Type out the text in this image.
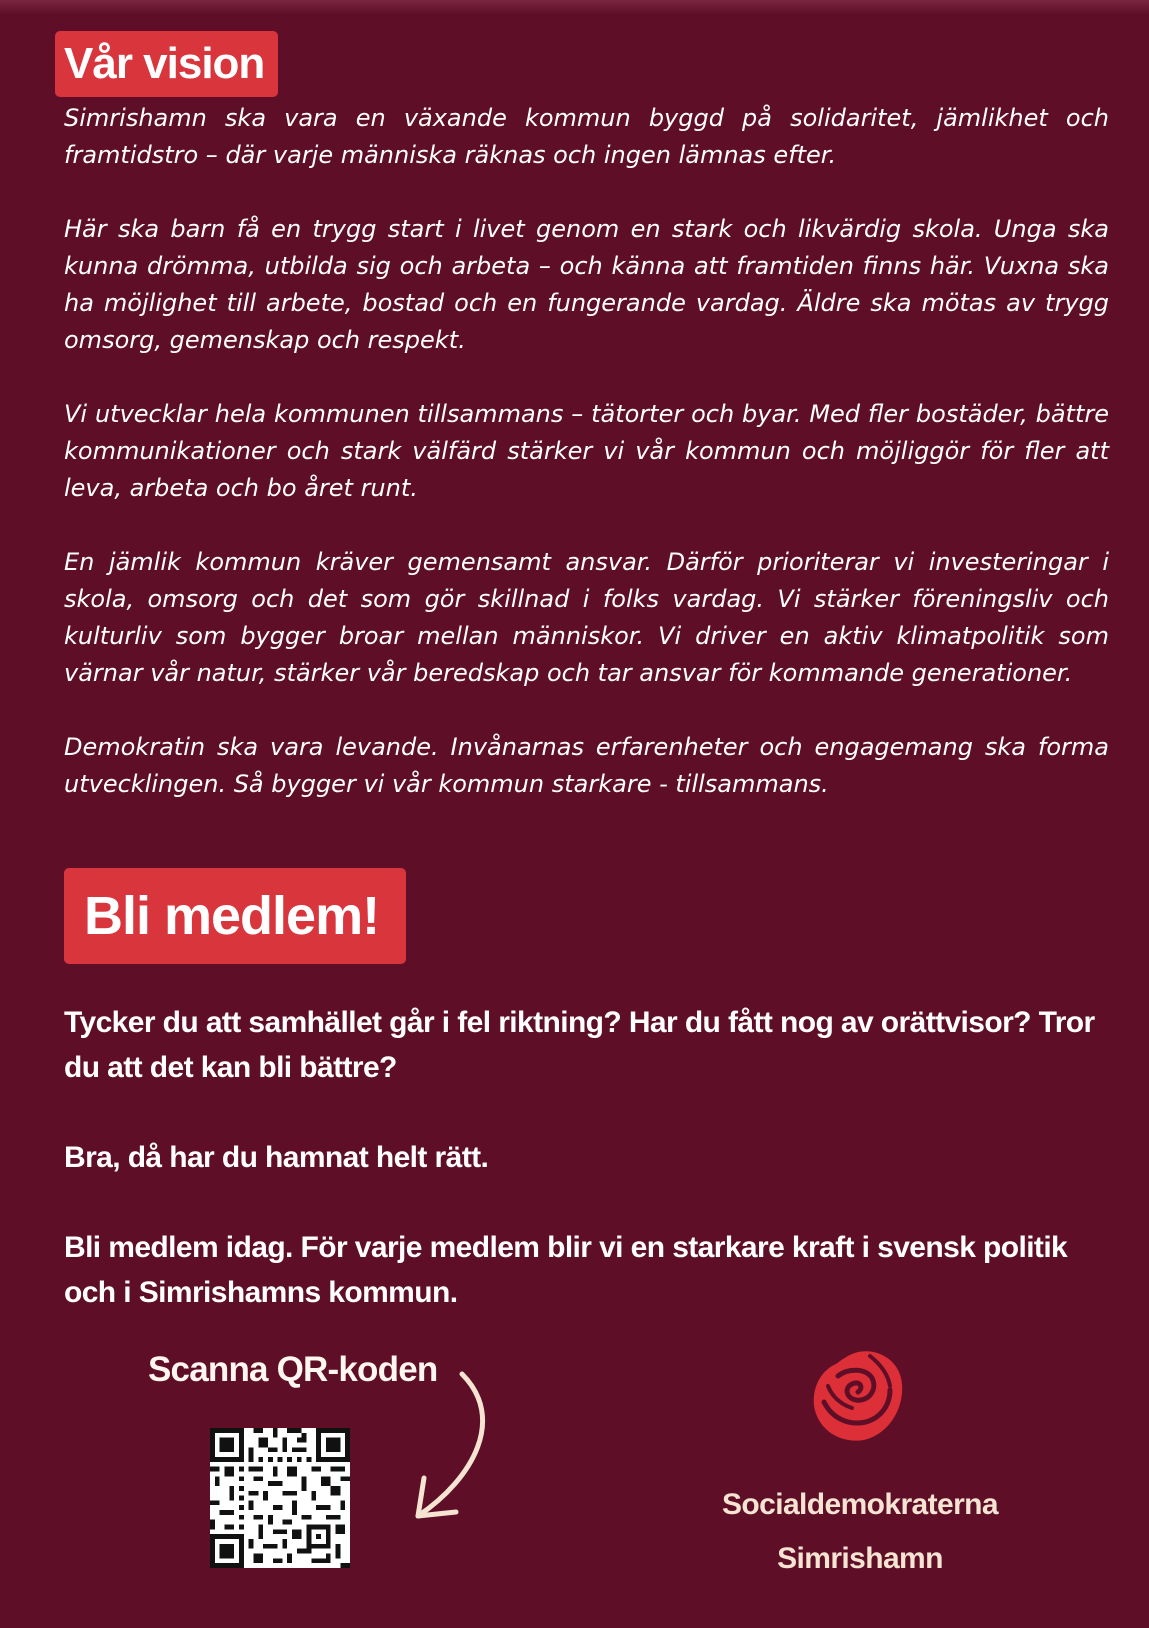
Vår vision

Simrishamn ska vara en växande kommun byggd på solidaritet, jämlikhet och framtidstro – där varje människa räknas och ingen lämnas efter.

Här ska barn få en trygg start i livet genom en stark och likvärdig skola. Unga ska kunna drömma, utbilda sig och arbeta – och känna att framtiden finns här. Vuxna ska ha möjlighet till arbete, bostad och en fungerande vardag. Äldre ska mötas av trygg omsorg, gemenskap och respekt.

Vi utvecklar hela kommunen tillsammans – tätorter och byar. Med fler bostäder, bättre kommunikationer och stark välfärd stärker vi vår kommun och möjliggör för fler att leva, arbeta och bo året runt.

En jämlik kommun kräver gemensamt ansvar. Därför prioriterar vi investeringar i skola, omsorg och det som gör skillnad i folks vardag. Vi stärker föreningsliv och kulturliv som bygger broar mellan människor. Vi driver en aktiv klimatpolitik som värnar vår natur, stärker vår beredskap och tar ansvar för kommande generationer.

Demokratin ska vara levande. Invånarnas erfarenheter och engagemang ska forma utvecklingen. Så bygger vi vår kommun starkare - tillsammans.

Bli medlem!

Tycker du att samhället går i fel riktning? Har du fått nog av orättvisor? Tror du att det kan bli bättre?

Bra, då har du hamnat helt rätt.

Bli medlem idag. För varje medlem blir vi en starkare kraft i svensk politik och i Simrishamns kommun.

Scanna QR-koden
Socialdemokraterna
Simrishamn
